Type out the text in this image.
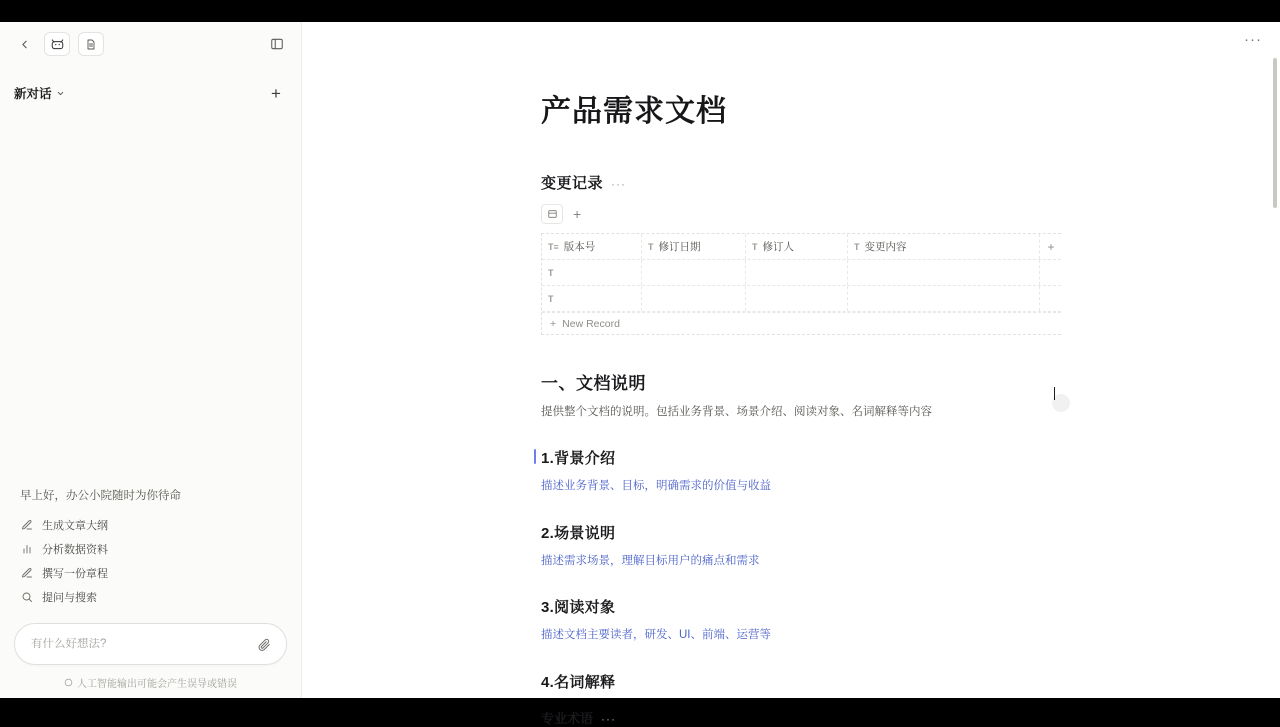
新对话	+
早上好，办公小院随时为你待命
生成文章大纲
分析数据资料
撰写一份章程
提问与搜索
有什么好想法?
人工智能输出可能会产生误导或错误
···
产品需求文档
变更记录 ···
+
T≡ 版本号	T 修订日期	T 修订人	T 变更内容	+
T
T
+ New Record
一、文档说明

提供整个文档的说明。包括业务背景、场景介绍、阅读对象、名词解释等内容

1.背景介绍

描述业务背景、目标，明确需求的价值与收益

2.场景说明

描述需求场景，理解目标用户的痛点和需求

3.阅读对象

描述文档主要读者，研发、UI、前端、运营等

4.名词解释
专业术语 ···
